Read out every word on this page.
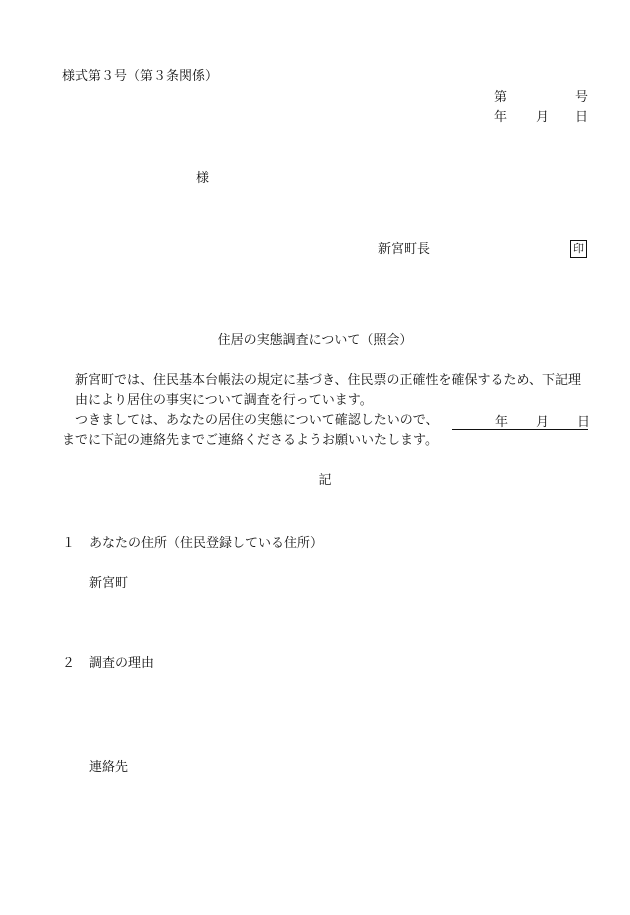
様式第３号（第３条関係）
第	号
年 月 日
様
新宮町長	印
住居の実態調査について（照会）

新宮町では、住民基本台帳法の規定に基づき、住民票の正確性を確保するため、下記理由により居住の事実について調査を行っています。

つきましては、あなたの居住の実態について確認したいので、

までに下記の連絡先までご連絡くださるようお願いいたします。

年 月 日
記
１ あなたの住所（住民登録している住所）
新宮町
２ 調査の理由
連絡先
